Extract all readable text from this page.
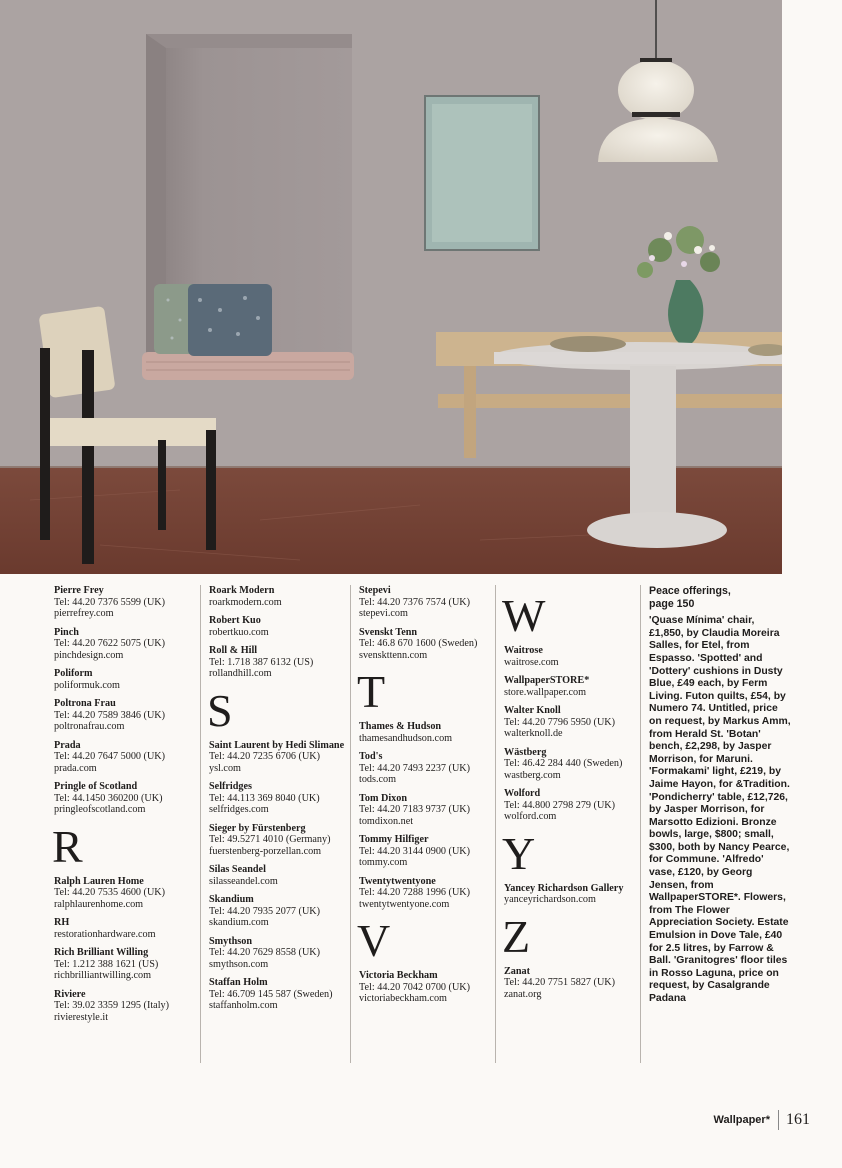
Pierre Frey
Tel: 44.20 7376 5599 (UK)
pierrefrey.com
Pinch
Tel: 44.20 7622 5075 (UK)
pinchdesign.com
Poliform
poliformuk.com
Poltrona Frau
Tel: 44.20 7589 3846 (UK)
poltronafrau.com
Prada
Tel: 44.20 7647 5000 (UK)
prada.com
Pringle of Scotland
Tel: 44.1450 360200 (UK)
pringleofscotland.com
R
Ralph Lauren Home
Tel: 44.20 7535 4600 (UK)
ralphlaurenhome.com
RH
restorationhardware.com
Rich Brilliant Willing
Tel: 1.212 388 1621 (US)
richbrilliantwilling.com
Riviere
Tel: 39.02 3359 1295 (Italy)
rivierestyle.it
Roark Modern
roarkmodern.com
Robert Kuo
robertkuo.com
Roll & Hill
Tel: 1.718 387 6132 (US)
rollandhill.com
S
Saint Laurent by Hedi Slimane
Tel: 44.20 7235 6706 (UK)
ysl.com
Selfridges
Tel: 44.113 369 8040 (UK)
selfridges.com
Sieger by Fürstenberg
Tel: 49.5271 4010 (Germany)
fuerstenberg-porzellan.com
Silas Seandel
silasseandel.com
Skandium
Tel: 44.20 7935 2077 (UK)
skandium.com
Smythson
Tel: 44.20 7629 8558 (UK)
smythson.com
Staffan Holm
Tel: 46.709 145 587 (Sweden)
staffanholm.com
Stepevi
Tel: 44.20 7376 7574 (UK)
stepevi.com
Svenskt Tenn
Tel: 46.8 670 1600 (Sweden)
svenskttenn.com
T
Thames & Hudson
thamesandhudson.com
Tod's
Tel: 44.20 7493 2237 (UK)
tods.com
Tom Dixon
Tel: 44.20 7183 9737 (UK)
tomdixon.net
Tommy Hilfiger
Tel: 44.20 3144 0900 (UK)
tommy.com
Twentytwentyone
Tel: 44.20 7288 1996 (UK)
twentytwentyone.com
V
Victoria Beckham
Tel: 44.20 7042 0700 (UK)
victoriabeckham.com
W
Waitrose
waitrose.com
WallpaperSTORE*
store.wallpaper.com
Walter Knoll
Tel: 44.20 7796 5950 (UK)
walterknoll.de
Wästberg
Tel: 46.42 284 440 (Sweden)
wastberg.com
Wolford
Tel: 44.800 2798 279 (UK)
wolford.com
Y
Yancey Richardson Gallery
yanceyrichardson.com
Z
Zanat
Tel: 44.20 7751 5827 (UK)
zanat.org
Peace offerings,
page 150
'Quase Mínima' chair, £1,850, by Claudia Moreira Salles, for Etel, from Espasso. 'Spotted' and 'Dottery' cushions in Dusty Blue, £49 each, by Ferm Living. Futon quilts, £54, by Numero 74. Untitled, price on request, by Markus Amm, from Herald St. 'Botan' bench, £2,298, by Jasper Morrison, for Maruni. 'Formakami' light, £219, by Jaime Hayon, for &Tradition. 'Pondicherry' table, £12,726, by Jasper Morrison, for Marsotto Edizioni. Bronze bowls, large, $800; small, $300, both by Nancy Pearce, for Commune. 'Alfredo' vase, £120, by Georg Jensen, from WallpaperSTORE*. Flowers, from The Flower Appreciation Society. Estate Emulsion in Dove Tale, £40 for 2.5 litres, by Farrow & Ball. 'Granitogres' floor tiles in Rosso Laguna, price on request, by Casalgrande Padana
Wallpaper* 161
